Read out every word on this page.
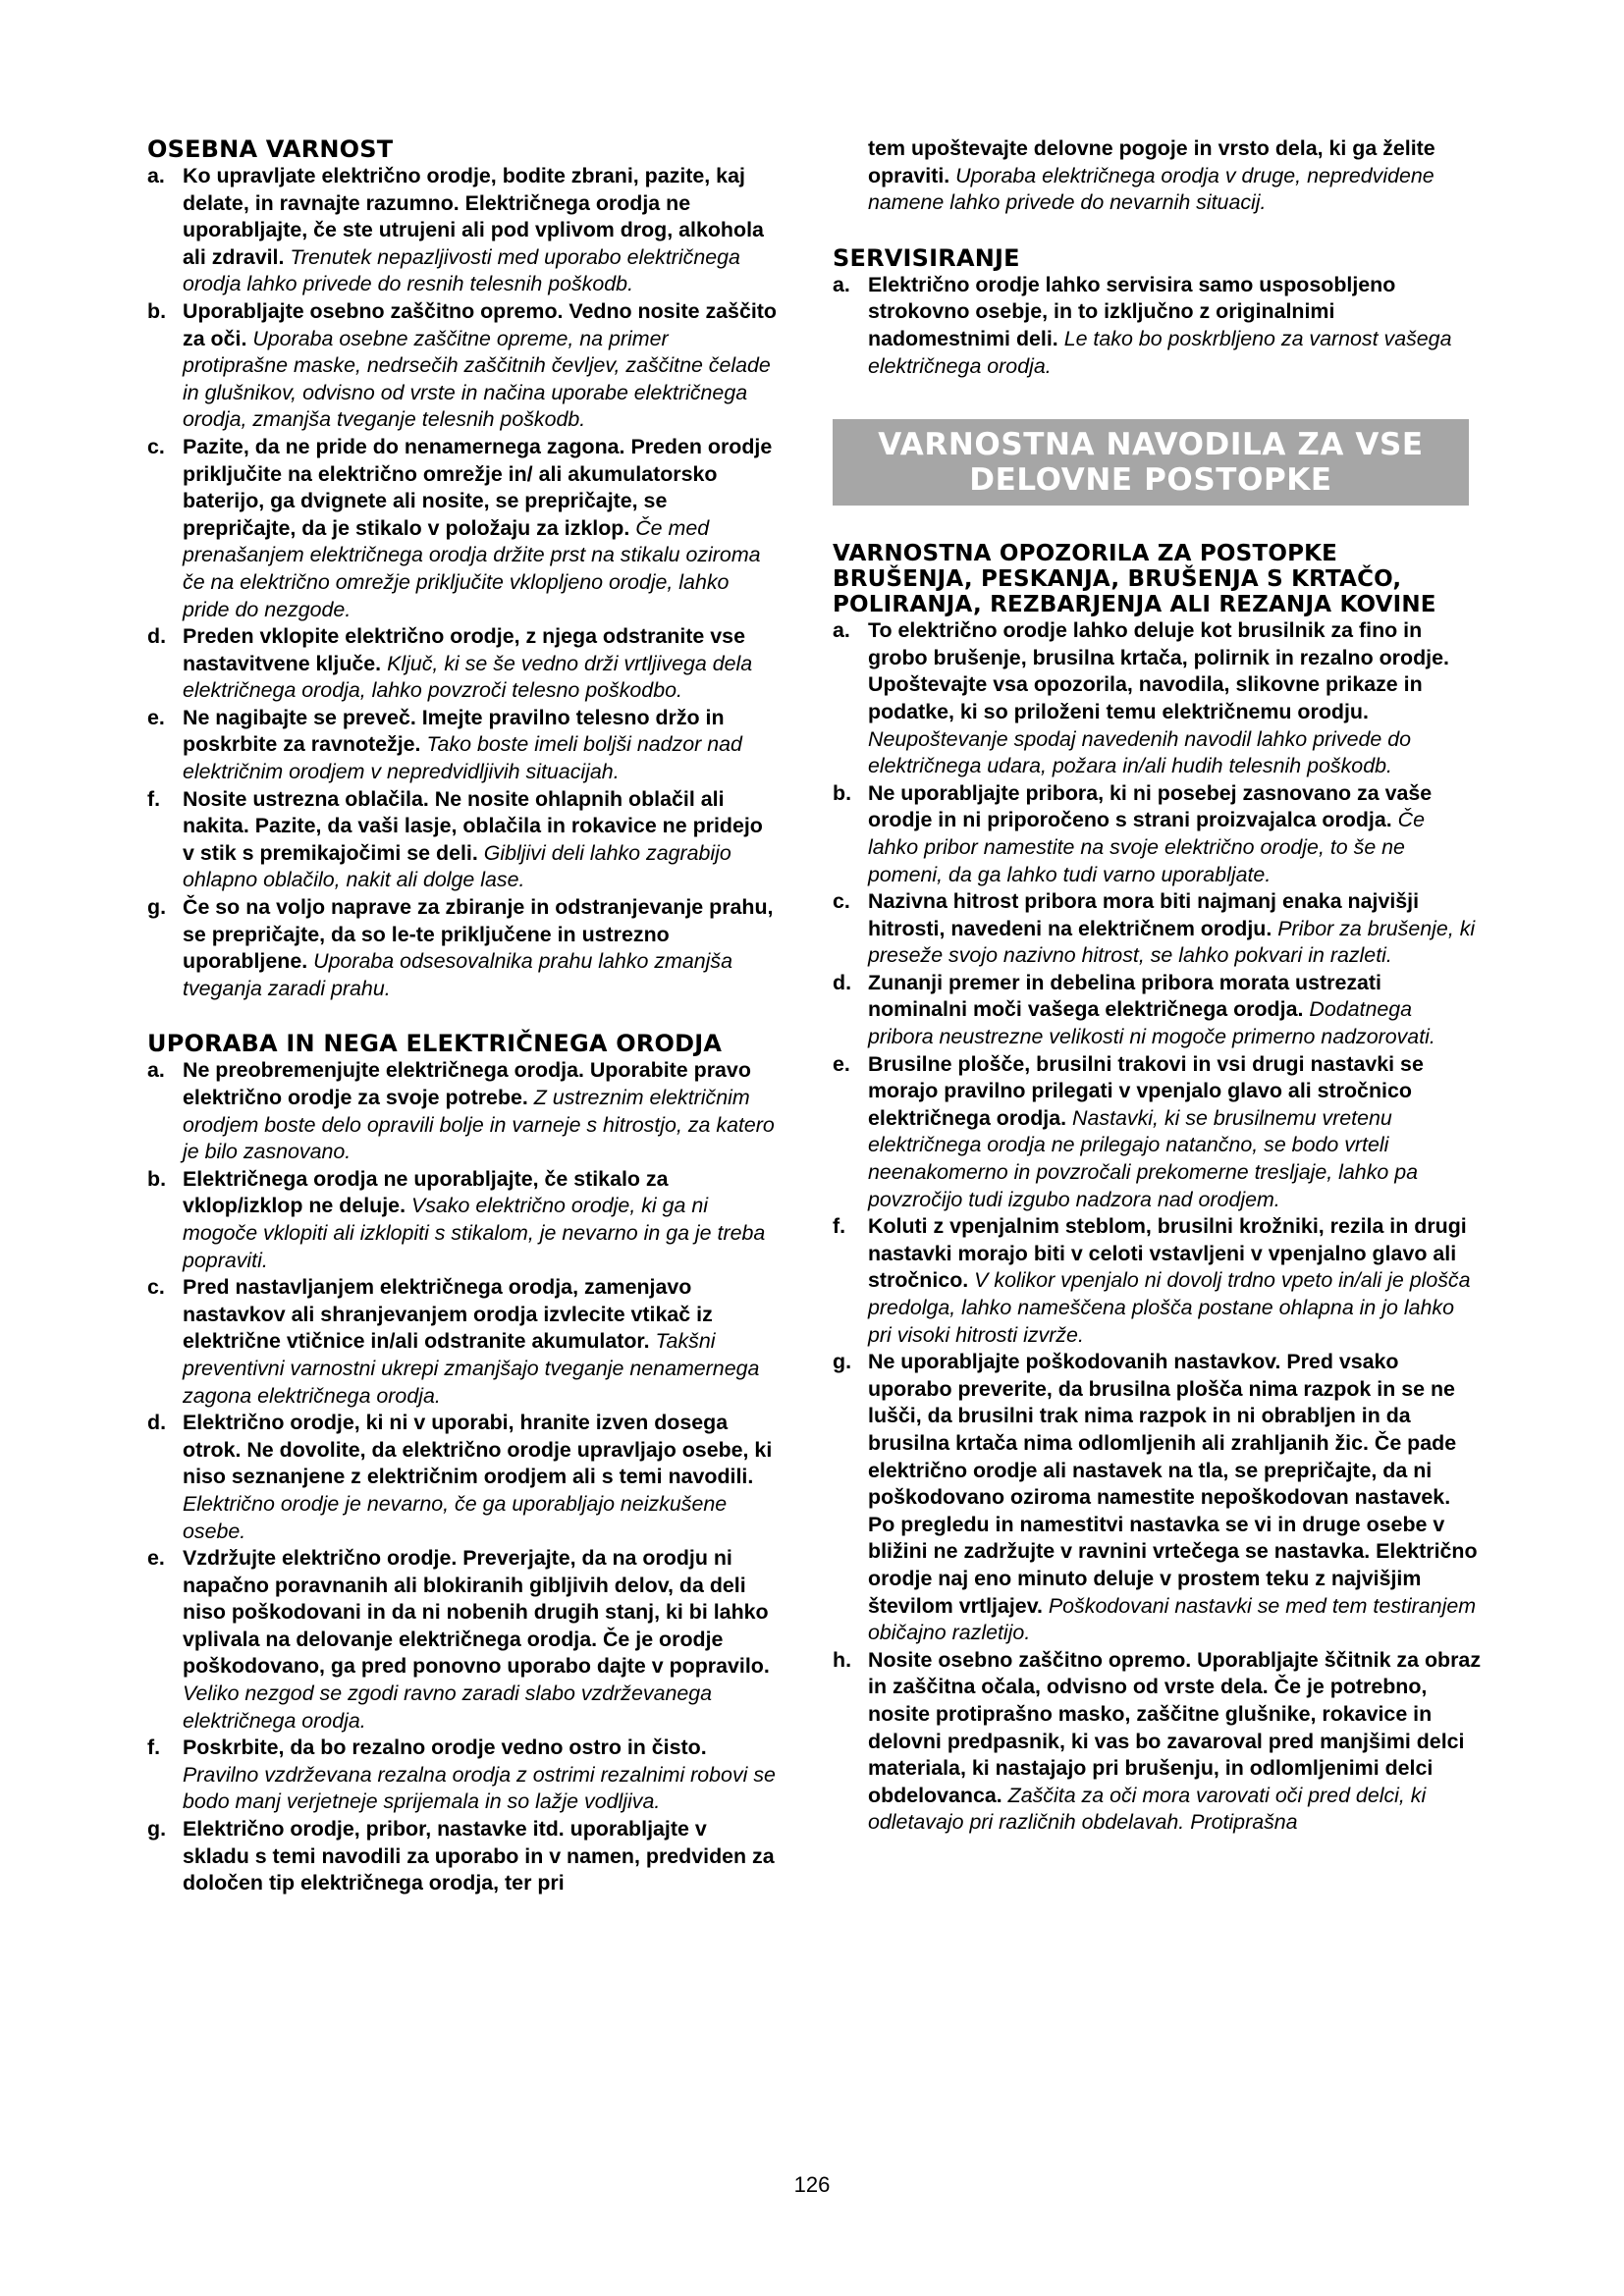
OSEBNA VARNOST
a. Ko upravljate električno orodje, bodite zbrani, pazite, kaj delate, in ravnajte razumno. Električnega orodja ne uporabljajte, če ste utrujeni ali pod vplivom drog, alkohola ali zdravil. Trenutek nepazljivosti med uporabo električnega orodja lahko privede do resnih telesnih poškodb.
b. Uporabljajte osebno zaščitno opremo. Vedno nosite zaščito za oči. Uporaba osebne zaščitne opreme, na primer protiprašne maske, nedrsečih zaščitnih čevljev, zaščitne čelade in glušnikov, odvisno od vrste in načina uporabe električnega orodja, zmanjša tveganje telesnih poškodb.
c. Pazite, da ne pride do nenamernega zagona. Preden orodje priključite na električno omrežje in/ ali akumulatorsko baterijo, ga dvignete ali nosite, se prepričajte, se prepričajte, da je stikalo v položaju za izklop. Če med prenašanjem električnega orodja držite prst na stikalu oziroma če na električno omrežje priključite vklopljeno orodje, lahko pride do nezgode.
d. Preden vklopite električno orodje, z njega odstranite vse nastavitvene ključe. Ključ, ki se še vedno drži vrtljivega dela električnega orodja, lahko povzroči telesno poškodbo.
e. Ne nagibajte se preveč. Imejte pravilno telesno držo in poskrbite za ravnotežje. Tako boste imeli boljši nadzor nad električnim orodjem v nepredvidljivih situacijah.
f. Nosite ustrezna oblačila. Ne nosite ohlapnih oblačil ali nakita. Pazite, da vaši lasje, oblačila in rokavice ne pridejo v stik s premikajočimi se deli. Gibljivi deli lahko zagrabijo ohlapno oblačilo, nakit ali dolge lase.
g. Če so na voljo naprave za zbiranje in odstranjevanje prahu, se prepričajte, da so le-te priključene in ustrezno uporabljene. Uporaba odsesovalnika prahu lahko zmanjša tveganja zaradi prahu.
UPORABA IN NEGA ELEKTRIČNEGA ORODJA
a. Ne preobremenjujte električnega orodja. Uporabite pravo električno orodje za svoje potrebe. Z ustreznim električnim orodjem boste delo opravili bolje in varneje s hitrostjo, za katero je bilo zasnovano.
b. Električnega orodja ne uporabljajte, če stikalo za vklop/izklop ne deluje. Vsako električno orodje, ki ga ni mogoče vklopiti ali izklopiti s stikalom, je nevarno in ga je treba popraviti.
c. Pred nastavljanjem električnega orodja, zamenjavo nastavkov ali shranjevanjem orodja izvlecite vtikač iz električne vtičnice in/ali odstranite akumulator. Takšni preventivni varnostni ukrepi zmanjšajo tveganje nenamernega zagona električnega orodja.
d. Električno orodje, ki ni v uporabi, hranite izven dosega otrok. Ne dovolite, da električno orodje upravljajo osebe, ki niso seznanjene z električnim orodjem ali s temi navodili. Električno orodje je nevarno, če ga uporabljajo neizkušene osebe.
e. Vzdržujte električno orodje. Preverjajte, da na orodju ni napačno poravnanih ali blokiranih gibljivih delov, da deli niso poškodovani in da ni nobenih drugih stanj, ki bi lahko vplivala na delovanje električnega orodja. Če je orodje poškodovano, ga pred ponovno uporabo dajte v popravilo. Veliko nezgod se zgodi ravno zaradi slabo vzdrževanega električnega orodja.
f. Poskrbite, da bo rezalno orodje vedno ostro in čisto. Pravilno vzdrževana rezalna orodja z ostrimi rezalnimi robovi se bodo manj verjetneje sprijemala in so lažje vodljiva.
g. Električno orodje, pribor, nastavke itd. uporabljajte v skladu s temi navodili za uporabo in v namen, predviden za določen tip električnega orodja, ter pri
tem upoštevajte delovne pogoje in vrsto dela, ki ga želite opraviti. Uporaba električnega orodja v druge, nepredvidene namene lahko privede do nevarnih situacij.
SERVISIRANJE
a. Električno orodje lahko servisira samo usposobljeno strokovno osebje, in to izključno z originalnimi nadomestnimi deli. Le tako bo poskrbljeno za varnost vašega električnega orodja.
VARNOSTNA NAVODILA ZA VSE
DELOVNE POSTOPKE
VARNOSTNA OPOZORILA ZA POSTOPKE
BRUŠENJA, PESKANJA, BRUŠENJA S KRTAČO,
POLIRANJA, REZBARJENJA ALI REZANJA KOVINE
a. To električno orodje lahko deluje kot brusilnik za fino in grobo brušenje, brusilna krtača, polirnik in rezalno orodje. Upoštevajte vsa opozorila, navodila, slikovne prikaze in podatke, ki so priloženi temu električnemu orodju. Neupoštevanje spodaj navedenih navodil lahko privede do električnega udara, požara in/ali hudih telesnih poškodb.
b. Ne uporabljajte pribora, ki ni posebej zasnovano za vaše orodje in ni priporočeno s strani proizvajalca orodja. Če lahko pribor namestite na svoje električno orodje, to še ne pomeni, da ga lahko tudi varno uporabljate.
c. Nazivna hitrost pribora mora biti najmanj enaka najvišji hitrosti, navedeni na električnem orodju. Pribor za brušenje, ki preseže svojo nazivno hitrost, se lahko pokvari in razleti.
d. Zunanji premer in debelina pribora morata ustrezati nominalni moči vašega električnega orodja. Dodatnega pribora neustrezne velikosti ni mogoče primerno nadzorovati.
e. Brusilne plošče, brusilni trakovi in vsi drugi nastavki se morajo pravilno prilegati v vpenjalo glavo ali stročnico električnega orodja. Nastavki, ki se brusilnemu vretenu električnega orodja ne prilegajo natančno, se bodo vrteli neenakomerno in povzročali prekomerne tresljaje, lahko pa povzročijo tudi izgubo nadzora nad orodjem.
f. Koluti z vpenjalnim steblom, brusilni krožniki, rezila in drugi nastavki morajo biti v celoti vstavljeni v vpenjalno glavo ali stročnico. V kolikor vpenjalo ni dovolj trdno vpeto in/ali je plošča predolga, lahko nameščena plošča postane ohlapna in jo lahko pri visoki hitrosti izvrže.
g. Ne uporabljajte poškodovanih nastavkov. Pred vsako uporabo preverite, da brusilna plošča nima razpok in se ne lušči, da brusilni trak nima razpok in ni obrabljen in da brusilna krtača nima odlomljenih ali zrahljanih žic. Če pade električno orodje ali nastavek na tla, se prepričajte, da ni poškodovano oziroma namestite nepoškodovan nastavek. Po pregledu in namestitvi nastavka se vi in druge osebe v bližini ne zadržujte v ravnini vrtečega se nastavka. Električno orodje naj eno minuto deluje v prostem teku z najvišjim številom vrtljajev. Poškodovani nastavki se med tem testiranjem običajno razletijo.
h. Nosite osebno zaščitno opremo. Uporabljajte ščitnik za obraz in zaščitna očala, odvisno od vrste dela. Če je potrebno, nosite protiprašno masko, zaščitne glušnike, rokavice in delovni predpasnik, ki vas bo zavaroval pred manjšimi delci materiala, ki nastajajo pri brušenju, in odlomljenimi delci obdelovanca. Zaščita za oči mora varovati oči pred delci, ki odletavajo pri različnih obdelavah. Protiprašna
126
